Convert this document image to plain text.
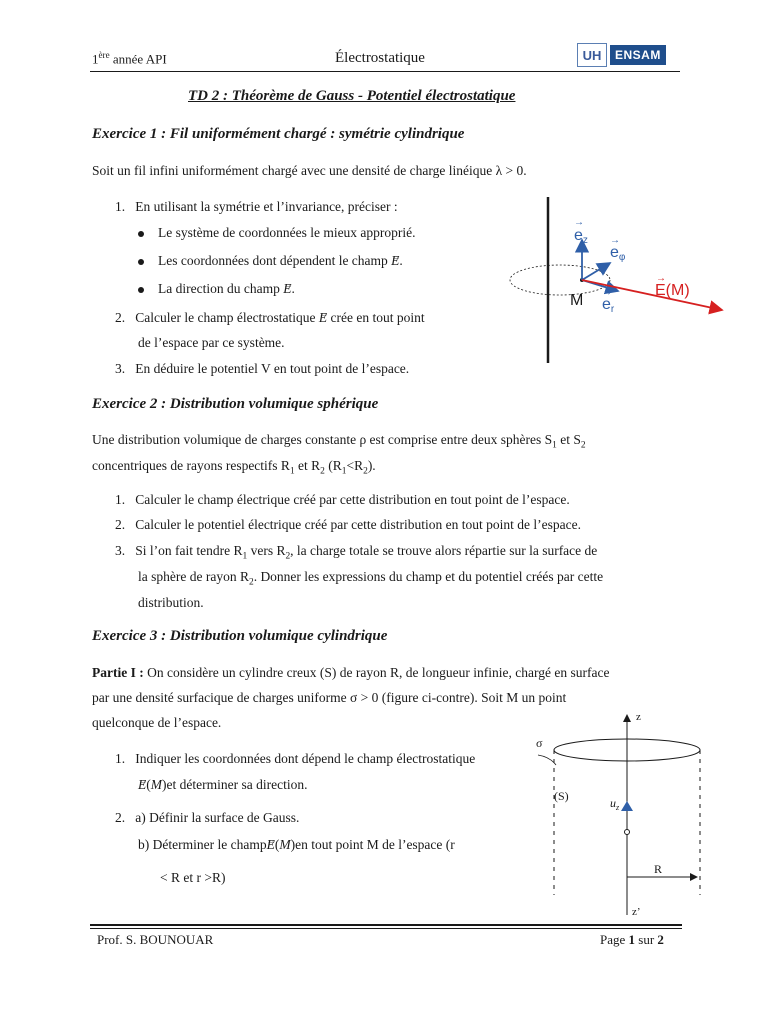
1ère année API	Électrostatique	UH	ENSAM
TD 2 : Théorème de Gauss - Potentiel électrostatique
Exercice 1 : Fil uniformément chargé : symétrie cylindrique
Soit un fil infini uniformément chargé avec une densité de charge linéique λ > 0.
1.   En utilisant la symétrie et l’invariance, préciser :
Le système de coordonnées le mieux approprié.
Les coordonnées dont dépendent le champ → E.
La direction du champ → E.
2.   Calculer le champ électrostatique → E crée en tout point
de l’espace par ce système.
3.   En déduire le potentiel V en tout point de l’espace.
ez
→
eφ
→
er
→
M
E(M)
→
Exercice 2 : Distribution volumique sphérique
Une distribution volumique de charges constante ρ est comprise entre deux sphères $S_1$ et $S_2$
concentriques de rayons respectifs $R_1$ et $R_2$ $(R_1<R_2)$.
1.   Calculer le champ électrique créé par cette distribution en tout point de l’espace.
2.   Calculer le potentiel électrique créé par cette distribution en tout point de l’espace.
3.   Si l’on fait tendre $R_1$ vers $R_2$, la charge totale se trouve alors répartie sur la surface de
la sphère de rayon $R_2$. Donner les expressions du champ et du potentiel créés par cette
distribution.
Exercice 3 : Distribution volumique cylindrique
Partie I : On considère un cylindre creux (S) de rayon R, de longueur infinie, chargé en surface
par une densité surfacique de charges uniforme σ > 0 (figure ci-contre). Soit M un point
quelconque de l’espace.
1.   Indiquer les coordonnées dont dépend le champ électrostatique
→ E(M)et déterminer sa direction.
2.   a) Définir la surface de Gauss.
b) Déterminer le champ→ E(M)en tout point M de l’espace (r
< R et r >R)
z
z’
σ
(S)	$u_z$
R
Prof. S. BOUNOUAR	Page 1 sur 2
